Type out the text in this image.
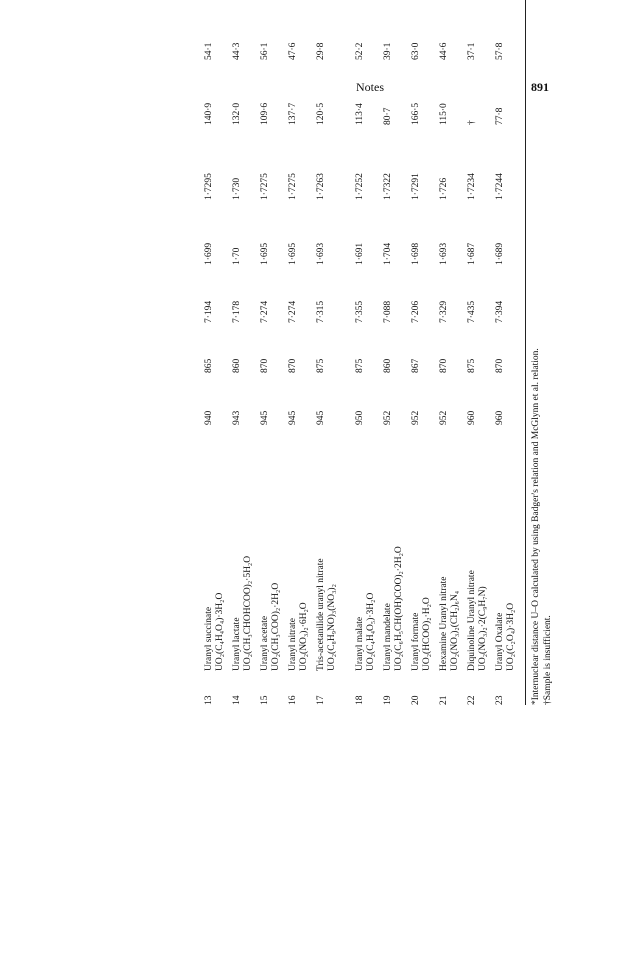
Notes	891
13
940
865
7·194
1·699
1·7295
140·9
54·1
Uranyl succinate UO₂(C₄H₄O₄)·3H₂O
14
943
860
7·178
1·70
1·730
132·0
44·3
Uranyl lactate UO₂(CH₃CHOHCOO)₂·5H₂O
15
945
870
7·274
1·695
1·7275
109·6
56·1
Uranyl acetate UO₂(CH₃COO)₂·2H₂O
16
945
870
7·274
1·695
1·7275
137·7
47·6
Uranyl nitrate UO₂(NO₃)₂·6H₂O
17
945
875
7·315
1·693
1·7263
120·5
29·8
Tris-acetanilide uranyl nitrate UO₂(C₈H₉NO)₃(NO₃)₂
18
950
875
7·355
1·691
1·7252
113·4
52·2
Uranyl malate UO₂(C₄H₄O₅)·3H₂O
19
952
860
7·088
1·704
1·7322
80·7
39·1
Uranyl mandelate UO₂(C₆H₅CH(OH)COO)₂·2H₂O
20
952
867
7·206
1·698
1·7291
166·5
63·0
Uranyl formate UO₂(HCOO)₂·H₂O
21
952
870
7·329
1·693
1·726
115·0
44·6
Hexamine Uranyl nitrate UO₂(NO₃)₂(CH₂)₆N₄
22
960
875
7·435
1·687
1·7234
†
37·1
Diquinoline Uranyl nitrate UO₂(NO₃)₂·2(C₉H₇N)
23
960
870
7·394
1·689
1·7244
77·8
57·8
Uranyl Oxalate UO₂(C₂O₄)·3H₂O *Internuclear distance U–O calculated by using Badger's relation and McGlynn et al. relation. †Sample is insufficient.
